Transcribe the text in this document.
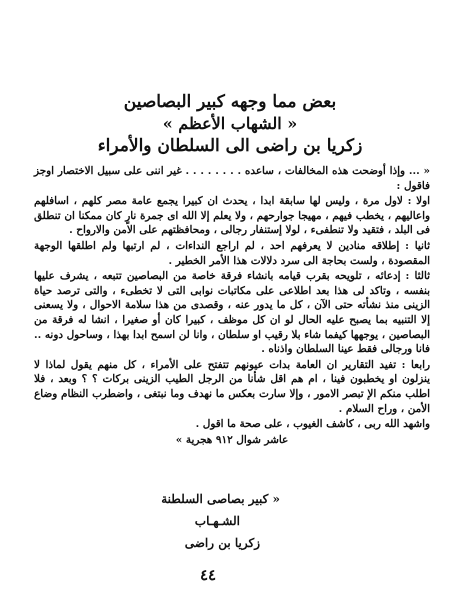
بعض مما وجهه كبير البصاصين
« الشهاب الأعظم »
زكريا بن راضى الى السلطان والأمراء

« ... وإذا أوضحت هذه المخالفات ، ساعده . . . . . . . . غير اننى على سبيل الاختصار اوجز فاقول :

اولا : لاول مرة ، وليس لها سابقة ابدا ، يحدث ان كبيرا يجمع عامة مصر كلهم ، اسافلهم واعاليهم ، يخطب فيهم ، مهيجا جوارحهم ، ولا يعلم إلا الله اى جمرة نارٍ كان ممكنا ان تنطلق فى البلد ، فتقيد ولا تنطفىء ، لولا إستنفار رجالى ، ومحافظتهم على الامن والارواح .

ثانيا : إطلاقه منادين لا يعرفهم احد ، لم اراجع النداءات ، لم ارتبها ولم اطلقها الوجهة المقصودة ، ولست بحاجة الى سرد دلالات هذا الأمر الخطير .

ثالثا : إدعائه ، تلويحه بقرب قيامه بانشاء فرقة خاصة من البصاصين تتبعه ، يشرف عليها بنفسه ، وتاكد لى هذا بعد اطلاعى على مكاتبات نوابى التى لا تخطىء ، والتى ترصد حياة الزينى منذ نشأته حتى الآن ، كل ما يدور عنه ، وقصدى من هذا سلامة الاحوال ، ولا يسعنى إلا التنبيه بما يصبح عليه الحال لو ان كل موظف ، كبيرا كان أو صغيرا ، انشا له فرقة من البصاصين ، يوجهها كيفما شاء بلا رقيب او سلطان ، وانا لن اسمح ابدا بهذا ، وساحول دونه .. فانا ورجالى فقط عينا السلطان واذناه .

رابعا : تفيد التقارير ان العامة بدات عيونهم تتفتح على الأمراء ، كل منهم يقول لماذا لا ينزلون او يخطبون فينا ، ام هم اقل شأنا من الرجل الطيب الزينى بركات ؟ ؟ وبعد ، فلا اطلب منكم الإ تبصر الامور ، وإلا سارت بعكس ما نهدف وما نبتغى ، واضطرب النظام وضاع الأمن ، وراح السلام .

واشهد الله ربى ، كاشف الغيوب ، على صحة ما اقول .

عاشر شوال ٩١٢ هجرية »

« كبير بصاصى السلطنة
الشـهـاب
زكريا بن راضى
٤٤
